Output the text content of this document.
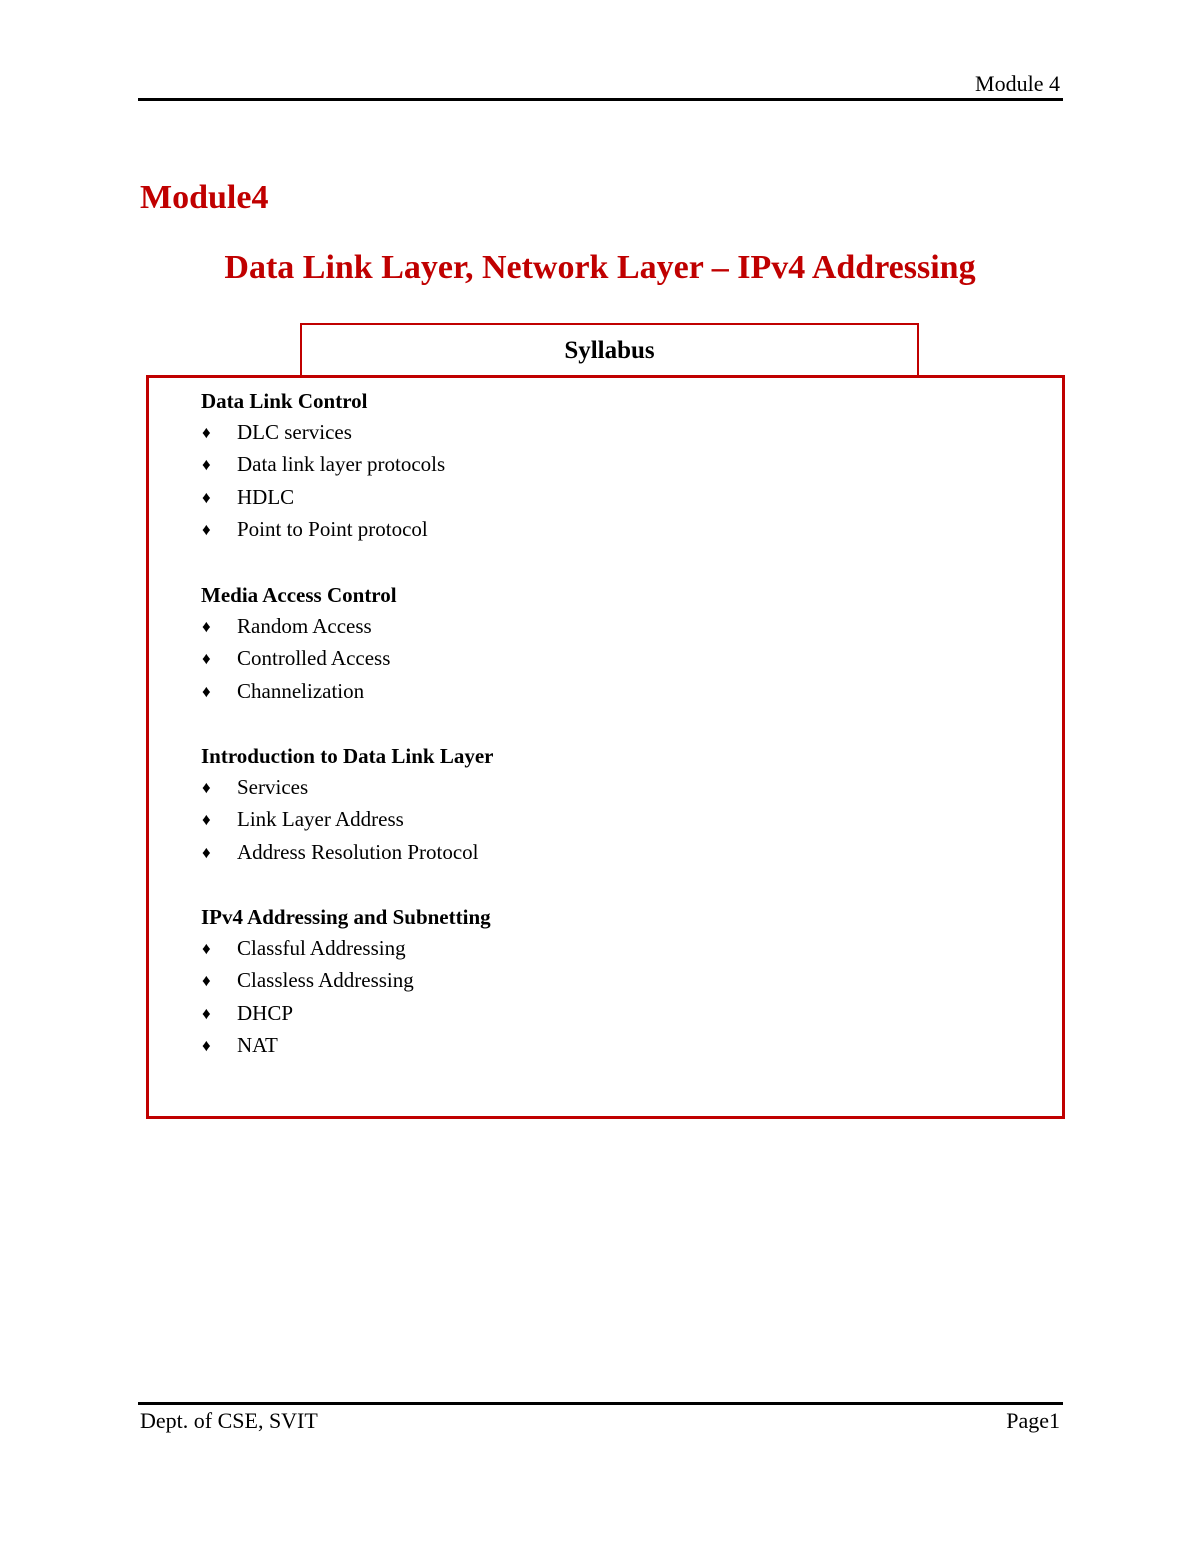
Module 4
Module4
Data Link Layer, Network Layer – IPv4 Addressing
Syllabus
Data Link Control
♦	DLC services
♦	Data link layer protocols
♦	HDLC
♦	Point to Point protocol
Media Access Control
♦	Random Access
♦	Controlled Access
♦	Channelization
Introduction to Data Link Layer
♦	Services
♦	Link Layer Address
♦	Address Resolution Protocol
IPv4 Addressing and Subnetting
♦	Classful Addressing
♦	Classless Addressing
♦	DHCP
♦	NAT
Dept. of CSE, SVIT	Page1
